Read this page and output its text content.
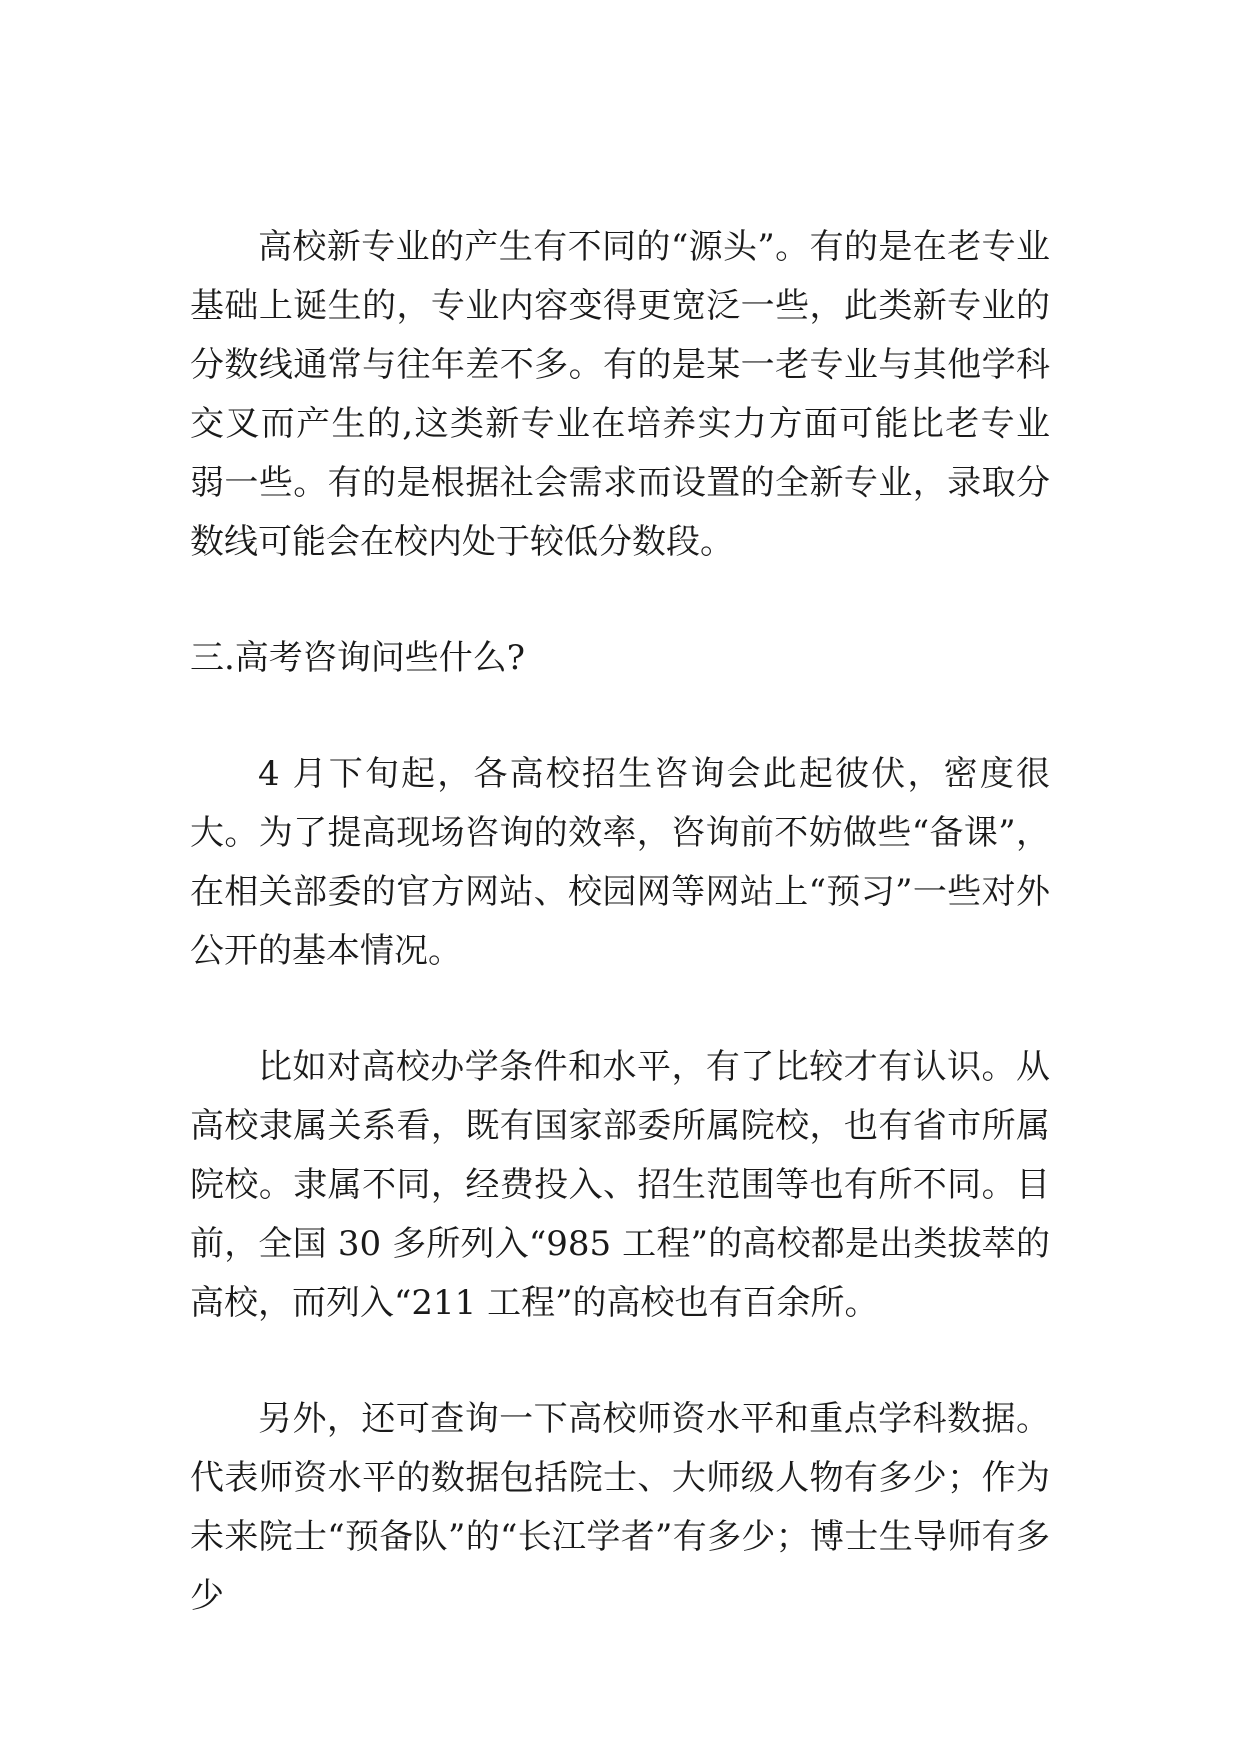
高校新专业的产生有不同的“源头”。有的是在老专业基础上诞生的，专业内容变得更宽泛一些，此类新专业的分数线通常与往年差不多。有的是某一老专业与其他学科交叉而产生的,这类新专业在培养实力方面可能比老专业弱一些。有的是根据社会需求而设置的全新专业，录取分数线可能会在校内处于较低分数段。

三.高考咨询问些什么?

4 月下旬起，各高校招生咨询会此起彼伏，密度很大。为了提高现场咨询的效率，咨询前不妨做些“备课”，在相关部委的官方网站、校园网等网站上“预习”一些对外公开的基本情况。

比如对高校办学条件和水平，有了比较才有认识。从高校隶属关系看，既有国家部委所属院校，也有省市所属院校。隶属不同，经费投入、招生范围等也有所不同。目前，全国 30 多所列入“985 工程”的高校都是出类拔萃的高校，而列入“211 工程”的高校也有百余所。

另外，还可查询一下高校师资水平和重点学科数据。代表师资水平的数据包括院士、大师级人物有多少；作为未来院士“预备队”的“长江学者”有多少；博士生导师有多少
